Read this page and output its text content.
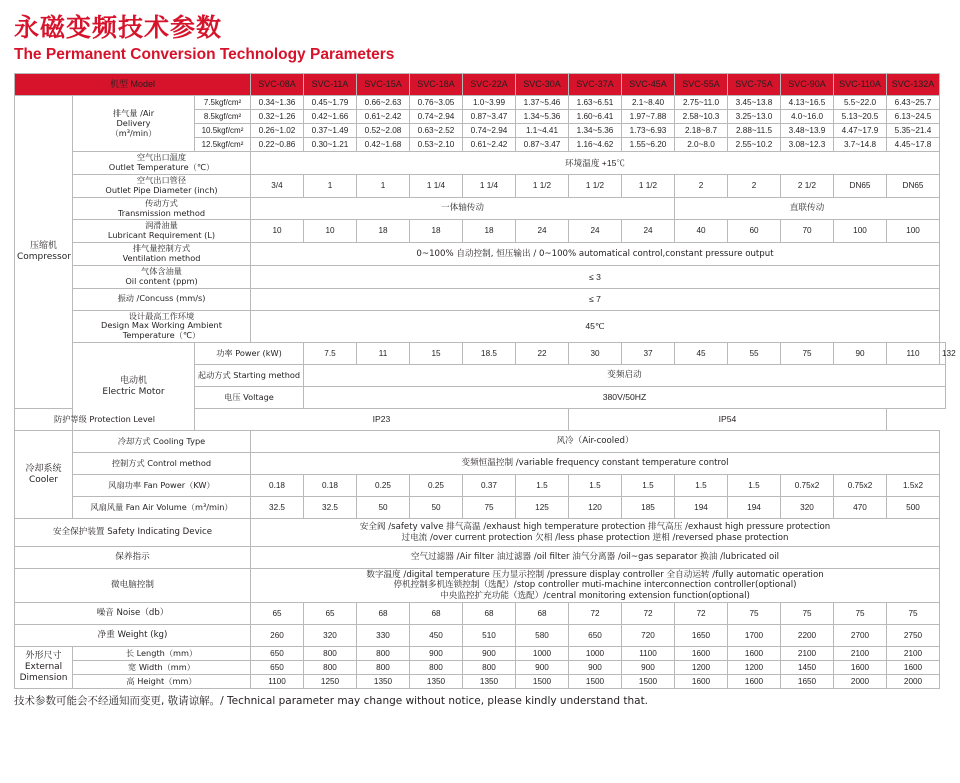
永磁变频技术参数
The Permanent Conversion Technology Parameters
机型 Model			SVC-08A	SVC-11A	SVC-15A	SVC-18A	SVC-22A	SVC-30A	SVC-37A	SVC-45A	SVC-55A	SVC-75A	SVC-90A	SVC-110A	SVC-132A	

压缩机
Compressor	排气量 /Air
Delivery
（m³/min）	7.5kgf/cm²	0.34~1.36	0.45~1.79	0.66~2.63	0.76~3.05	1.0~3.99	1.37~5.46	1.63~6.51	2.1~8.40	2.75~11.0	3.45~13.8	4.13~16.5	5.5~22.0	6.43~25.7	
		8.5kgf/cm²	0.32~1.26	0.42~1.66	0.61~2.42	0.74~2.94	0.87~3.47	1.34~5.36	1.60~6.41	1.97~7.88	2.58~10.3	3.25~13.0	4.0~16.0	5.13~20.5	6.13~24.5	
		10.5kgf/cm²	0.26~1.02	0.37~1.49	0.52~2.08	0.63~2.52	0.74~2.94	1.1~4.41	1.34~5.36	1.73~6.93	2.18~8.7	2.88~11.5	3.48~13.9	4.47~17.9	5.35~21.4	
		12.5kgf/cm²	0.22~0.86	0.30~1.21	0.42~1.68	0.53~2.10	0.61~2.42	0.87~3.47	1.16~4.62	1.55~6.20	2.0~8.0	2.55~10.2	3.08~12.3	3.7~14.8	4.45~17.8	

	空气出口温度
Outlet Temperature（℃）		环境温度 +15℃													

	空气出口管径
Outlet Pipe Diameter (inch)		3/4	1	1	1 1/4	1 1/4	1 1/2	1 1/2	1 1/2	2	2	2 1/2	DN65	DN65	

	传动方式
Transmission method		一体轴传动								直联传动					

	润滑油量
Lubricant Requirement (L)		10	10	18	18	18	24	24	24	40	60	70	100	100	

	排气量控制方式
Ventilation method		0~100% 自动控制, 恒压输出 / 0~100% automatical control,constant pressure output													

	气体含油量
Oil content (ppm)		≤ 3													

	振动 /Concuss (mm/s)		≤ 7													

	设计最高工作环境
Design Max Working Ambient Temperature（℃）		45℃													

	电动机
Electric Motor	功率 Power (kW)		7.5	11	15	18.5	22	30	37	45	55	75	90	110	132
		起动方式 Starting method		变频启动												
		电压 Voltage		380V/50HZ												
防护等级 Protection Level		IP23							IP54							

冷却系统
Cooler	冷却方式 Cooling Type		风冷（Air-cooled）													
	控制方式 Control method		变频恒温控制 /variable frequency constant temperature control													
	风扇功率 Fan Power（KW）		0.18	0.18	0.25	0.25	0.37	1.5	1.5	1.5	1.5	1.5	0.75x2	0.75x2	1.5x2	
	风扇风量 Fan Air Volume（m³/min）		32.5	32.5	50	50	75	125	120	185	194	194	320	470	500	
安全保护装置 Safety Indicating Device			安全阀 /safety valve 排气高温 /exhaust high temperature protection 排气高压 /exhaust high pressure protection
过电流 /over current protection 欠相 /less phase protection 逆相 /reversed phase protection													

保养指示			空气过滤器 /Air filter 油过滤器 /oil filter 油气分离器 /oil~gas separator 换油 /lubricated oil													
微电脑控制			数字温度 /digital temperature 压力显示控制 /pressure display controller 全自动运转 /fully automatic operation
停机控制多机连锁控制（选配）/stop controller muti-machine interconnection controller(optional)
中央监控扩充功能（选配）/central monitoring extension function(optional)													

噪音 Noise（db）			65	65	68	68	68	68	72	72	72	75	75	75	75	
净重 Weight (kg)			260	320	330	450	510	580	650	720	1650	1700	2200	2700	2750	

外形尺寸
External Dimension	长 Length（mm）		650	800	800	900	900	1000	1000	1100	1600	1600	2100	2100	2100	
	宽 Width（mm）		650	800	800	800	800	900	900	900	1200	1200	1450	1600	1600	
	高 Height（mm）		1100	1250	1350	1350	1350	1500	1500	1500	1600	1600	1650	2000	2000	
技术参数可能会不经通知而变更, 敬请谅解。/ Technical parameter may change without notice, please kindly understand that.
